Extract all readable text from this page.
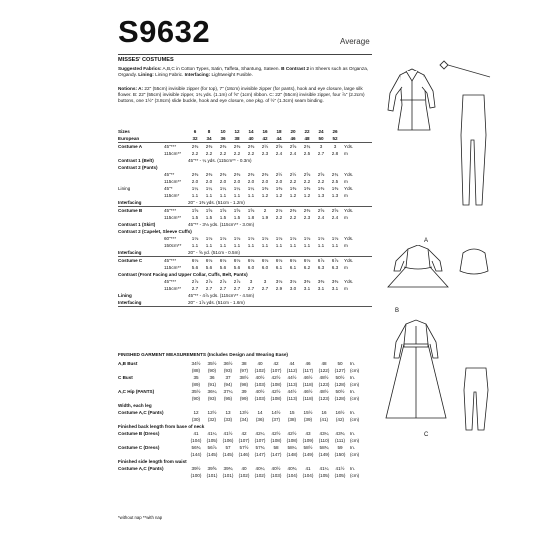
S9632	Average
MISSES' COSTUMES

Suggested Fabrics: A,B,C in Cotton Types, Satin, Taffeta, Shantung, Sateen. B Contrast 2 in Sheers such as Organza, Organdy. Lining: Lining Fabric. Interfacing: Lightweight Fusible.

Notions: A: 22" (55cm) invisible zipper (for top), 7" (18cm) invisible zipper (for pants), hook and eye closure, large silk flower. B: 22" (55cm) invisible zipper, 1¾ yds. (1.1m) of ⅝" (1cm) ribbon. C: 22" (55cm) invisible zipper, four ⅞" (2.2cm) buttons, one 1½" (3.8cm) slide buckle, hook and eye closure, one pkg. of ½" (1.3cm) seam binding.

Sizes		6	8	10	12	14	16	18	20	22	24	26	
European		32	34	36	38	40	42	44	46	48	50	52	
Costume A	45"***	2⅜	2⅜	2⅜	2⅜	2⅜	2½	2⅝	2⅝	2¾	3	3	Yds.
	115cm**	2.2	2.2	2.2	2.2	2.2	2.3	2.4	2.4	2.5	2.7	2.8	m
Contrast 1 (Belt)		45"** - ¼ yds. (115cm** - 0.3m)											
Contrast 2 (Pants)													
	45"**	2⅜	2⅜	2⅜	2⅜	2⅜	2⅜	2½	2½	2⅝	2⅝	2¾	Yds.
	115cm**	2.0	2.0	2.0	2.0	2.0	2.0	2.0	2.2	2.2	2.2	2.5	m
Lining	45"*	1¼	1¼	1¼	1¼	1¼	1⅜	1⅜	1⅜	1⅜	1⅜	1⅜	Yds.
	115cm*	1.1	1.1	1.1	1.1	1.1	1.2	1.2	1.2	1.2	1.3	1.3	m
Interfacing		20" - 1⅜ yds. (51cm - 1.2m)											
Costume B	45"***	1⅝	1⅝	1⅝	1⅝	1⅝	2	2⅛	2⅜	2⅜	2⅝	2⅝	Yds.
	115cm**	1.5	1.5	1.5	1.5	1.8	1.9	2.2	2.2	2.3	2.4	2.4	m
Contrast 1 (Skirt)		45"** - 3⅛ yds. (115cm** - 3.0m)											
Contrast 2 (Capelet, Sleeve Cuffs)													
	60"***	1⅛	1⅛	1⅛	1⅛	1⅛	1⅛	1⅛	1⅛	1⅛	1⅛	1⅛	Yds.
	150cm**	1.1	1.1	1.1	1.1	1.1	1.1	1.1	1.1	1.1	1.1	1.1	m
Interfacing		20" - ⅝ yd. (51cm - 0.5m)											
Costume C	45"***	6⅛	6⅛	6⅛	6⅛	6⅛	6⅛	6⅛	6⅛	6⅛	6⅞	6⅞	Yds.
	115cm**	5.6	5.6	5.6	5.6	6.0	6.0	6.1	6.1	6.2	6.3	6.3	m
Contrast (Front Facing and Upper Collar, Cuffs, Belt, Pants)													
	45"***	2⅞	2⅞	2⅞	2⅞	3	3	3⅛	3⅛	3⅜	3⅜	3⅜	Yds.
	115cm**	2.7	2.7	2.7	2.7	2.7	2.7	2.9	3.0	3.1	3.1	3.1	m
Lining		45"** - 4⅞ yds. (115cm** - 4.5m)											
Interfacing		20" - 1⅞ yds. (51cm - 1.6m)											
FINISHED GARMENT MEASUREMENTS (Includes Design and Wearing Ease)
A,B Bust	34½	35½	36½	38	40	42	44	46	48	50	In.
	(88)	(90)	(93)	(97)	(102)	(107)	(112)	(117)	(122)	(127)	(cm)
C Bust	35	36	37	38½	40½	42½	44½	46½	48½	50½	In.
	(89)	(91)	(94)	(98)	(103)	(108)	(113)	(118)	(123)	(128)	(cm)
A,C Hip (PANTS)	35½	36¼	37¼	39	40½	42½	44½	46½	48½	50½	In.
	(90)	(93)	(95)	(99)	(103)	(108)	(113)	(118)	(123)	(128)	(cm)
Width, each leg											
Costume A,C (Pants)	12	12½	13	13½	14	14½	15	15½	16	16½	In.
	(30)	(32)	(33)	(34)	(36)	(37)	(38)	(39)	(41)	(42)	(cm)
Finished back length from base of neck											
Costume B (Dress)	41	41¼	41½	42	42¼	42½	42½	43	43¼	43¾	In.
	(104)	(105)	(106)	(107)	(107)	(108)	(108)	(109)	(110)	(111)	(cm)
Costume C (Dress)	56¾	56⅞	57	57½	57¾	58	58¼	58½	58¾	59	In.
	(144)	(145)	(145)	(146)	(147)	(147)	(148)	(149)	(149)	(150)	(cm)
Finished side length from waist											
Costume A,C (Pants)	39½	39⅝	39¾	40	40¼	40½	40¾	41	41¼	41½	In.
	(100)	(101)	(101)	(102)	(102)	(103)	(104)	(104)	(105)	(105)	(cm)
*without nap **with nap
A
B
C
